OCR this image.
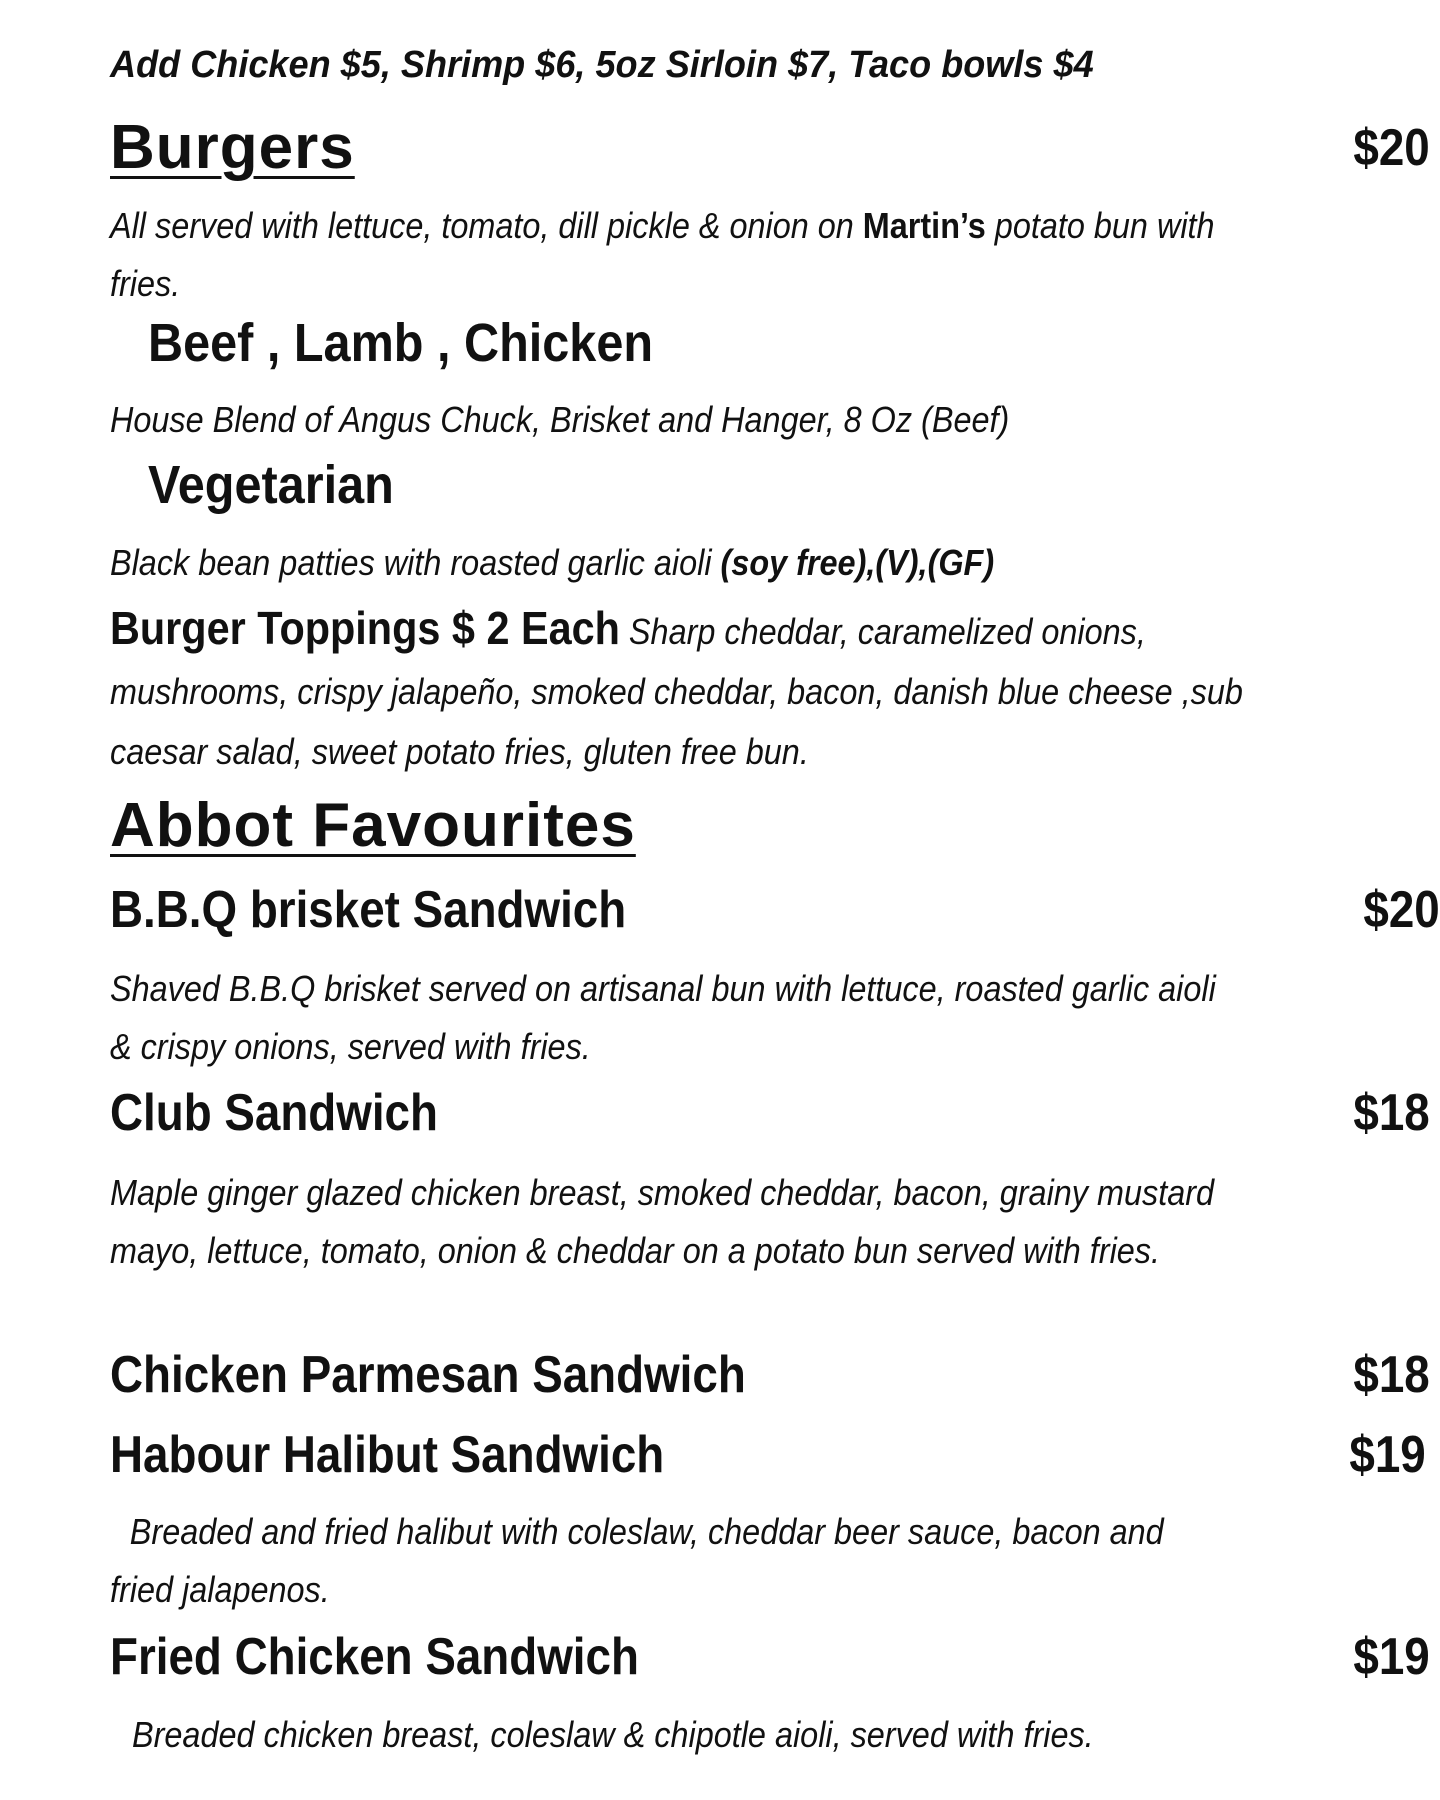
Add Chicken $5, Shrimp $6, 5oz Sirloin $7, Taco bowls $4
Burgers	$20
All served with lettuce, tomato, dill pickle & onion on Martin’s potato bun with fries.
Beef , Lamb , Chicken
House Blend of Angus Chuck, Brisket and Hanger, 8 Oz (Beef)
Vegetarian
Black bean patties with roasted garlic aioli (soy free),(V),(GF)
Burger Toppings $ 2 Each Sharp cheddar, caramelized onions, mushrooms, crispy jalapeño, smoked cheddar, bacon, danish blue cheese ,sub caesar salad, sweet potato fries, gluten free bun.
Abbot Favourites
B.B.Q brisket Sandwich	$20
Shaved B.B.Q brisket served on artisanal bun with lettuce, roasted garlic aioli & crispy onions, served with fries.
Club Sandwich	$18
Maple ginger glazed chicken breast, smoked cheddar, bacon, grainy mustard mayo, lettuce, tomato, onion & cheddar on a potato bun served with fries.
Chicken Parmesan Sandwich	$18
Habour Halibut Sandwich	$19
Breaded and fried halibut with coleslaw, cheddar beer sauce, bacon and fried jalapenos.
Fried Chicken Sandwich	$19
Breaded chicken breast, coleslaw & chipotle aioli, served with fries.
